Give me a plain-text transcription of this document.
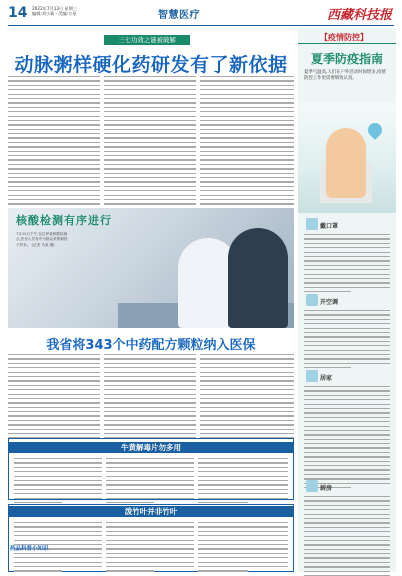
14 2022年7月13日 星期三
编辑:刘小新 · 美编:方星	智慧医疗	西藏科技报
三七功效之谜被破解
动脉粥样硬化药研发有了新依据
核酸检测有序进行
7月12日下午,在拉萨某核酸检测点,医务人员有序为群众采集咽拭子样本。 (记者 马某 摄)
我省将343个中药配方颗粒纳入医保
牛黄解毒片勿多用
泼竹叶并非竹叶
药品科普小知识
【疫情防控】
夏季防疫指南
夏季气温高,人们在户外活动时间增多,疫情防控工作更需要细致认真。
戴口罩
开空调
居家
厨房
